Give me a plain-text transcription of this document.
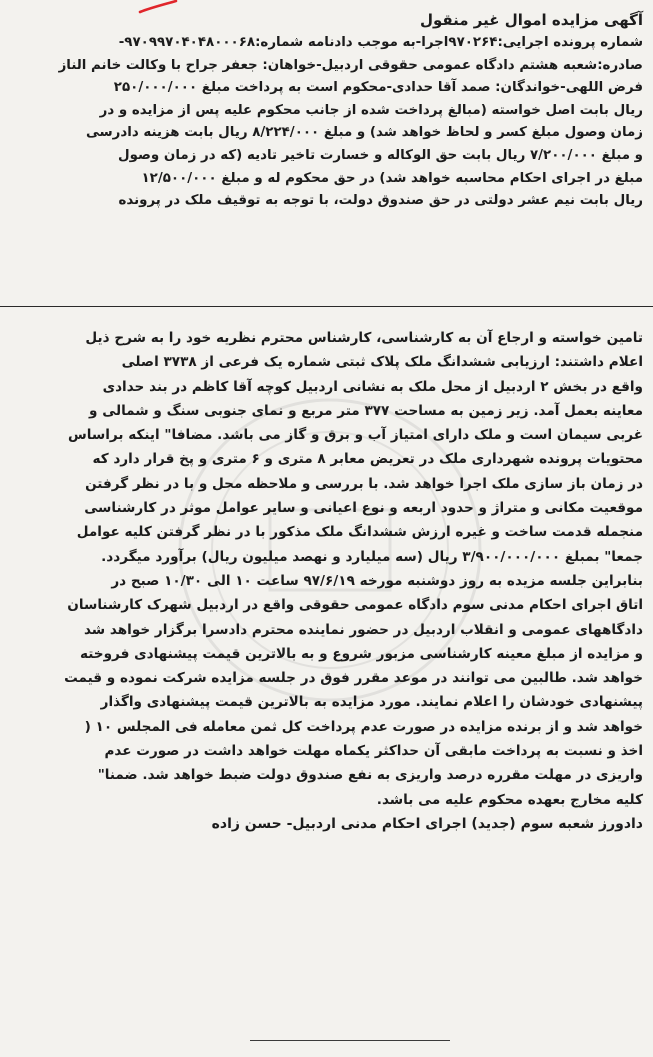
آگهی مزایده اموال غیر منقول

شماره پرونده اجرایی:۹۷۰۲۶۴اجرا-به موجب دادنامه شماره:۹۷۰۹۹۷۰۴۰۴۸۰۰۰۶۸-

صادره:شعبه هشتم دادگاه عمومی حقوقی اردبیل-خواهان: جعفر جراح با وکالت خانم الناز

فرض اللهی-خواندگان: صمد آقا حدادی-محکوم است به پرداخت مبلغ ۲۵۰/۰۰۰/۰۰۰

ریال بابت اصل خواسته (مبالغ پرداخت شده از جانب محکوم علیه پس از مزایده و در

زمان وصول مبلغ کسر و لحاظ خواهد شد) و مبلغ ۸/۲۲۴/۰۰۰ ریال بابت هزینه دادرسی

و مبلغ ۷/۲۰۰/۰۰۰ ریال بابت حق الوکاله و خسارت تاخیر تادیه (که در زمان وصول

مبلغ در اجرای احکام محاسبه خواهد شد) در حق محکوم له و مبلغ ۱۲/۵۰۰/۰۰۰

ریال بابت نیم عشر دولتی در حق صندوق دولت، با توجه به توقیف ملک در پرونده

تامین خواسته و ارجاع آن به کارشناسی، کارشناس محترم نظریه خود را به شرح ذیل

اعلام داشتند: ارزیابی ششدانگ ملک پلاک ثبتی شماره یک فرعی از ۳۷۳۸ اصلی

واقع در بخش ۲ اردبیل از محل ملک به نشانی اردبیل کوچه آقا کاظم در بند حدادی

معاینه بعمل آمد. زیر زمین به مساحت ۳۷۷ متر مربع و نمای جنوبی سنگ و شمالی و

غربی سیمان است و ملک دارای امتیاز آب و برق و گاز می باشد. مضافا" اینکه براساس

محتویات پرونده شهرداری ملک در تعریض معابر ۸ متری و ۶ متری و پخ قرار دارد که

در زمان باز سازی ملک اجرا خواهد شد. با بررسی و ملاحظه محل و با در نظر گرفتن

موقعیت مکانی و متراژ و حدود اربعه و نوع اعیانی و سایر عوامل موثر در کارشناسی

منجمله قدمت ساخت و غیره ارزش ششدانگ ملک مذکور با در نظر گرفتن کلیه عوامل

جمعا" بمبلغ ۳/۹۰۰/۰۰۰/۰۰۰ ریال (سه میلیارد و نهصد میلیون ریال) برآورد میگردد.

بنابراین جلسه مزیده به روز دوشنبه مورخه ۹۷/۶/۱۹ ساعت ۱۰ الی ۱۰/۳۰ صبح در

اتاق اجرای احکام مدنی سوم دادگاه عمومی حقوقی واقع در اردبیل شهرک کارشناسان

دادگاههای عمومی و انقلاب اردبیل در حضور نماینده محترم دادسرا برگزار خواهد شد

و مزایده از مبلغ معینه کارشناسی مزبور شروع و به بالاترین قیمت پیشنهادی فروخته

خواهد شد. طالبین می توانند در موعد مقرر فوق در جلسه مزایده شرکت نموده و قیمت

پیشنهادی خودشان را اعلام نمایند. مورد مزایده به بالاترین قیمت پیشنهادی واگذار

خواهد شد و از برنده مزایده در صورت عدم پرداخت کل ثمن معامله فی المجلس ۱۰ (

اخذ و نسبت به پرداخت مابقی آن حداکثر یکماه مهلت خواهد داشت در صورت عدم

واریزی در مهلت مقرره درصد واریزی به نفع صندوق دولت ضبط خواهد شد. ضمنا"

کلیه مخارج بعهده محکوم علیه می باشد.

دادورز شعبه سوم (جدید) اجرای احکام مدنی اردبیل- حسن زاده
